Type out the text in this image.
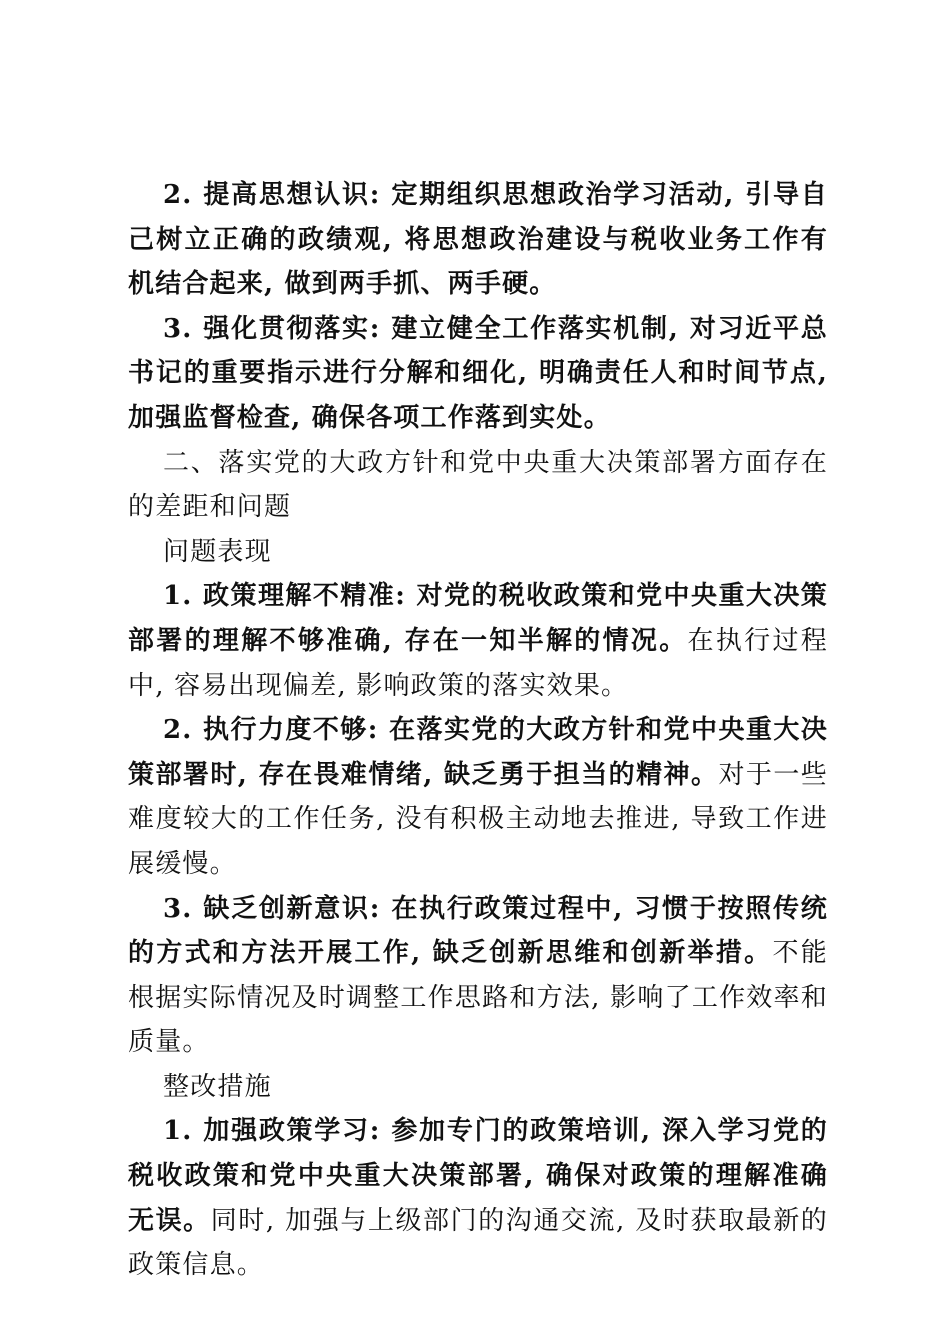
2. 提高思想认识: 定期组织思想政治学习活动, 引导自己树立正确的政绩观, 将思想政治建设与税收业务工作有机结合起来, 做到两手抓、两手硬。

3. 强化贯彻落实: 建立健全工作落实机制, 对习近平总书记的重要指示进行分解和细化, 明确责任人和时间节点, 加强监督检查, 确保各项工作落到实处。

二、落实党的大政方针和党中央重大决策部署方面存在的差距和问题

问题表现

1. 政策理解不精准: 对党的税收政策和党中央重大决策部署的理解不够准确, 存在一知半解的情况。在执行过程中, 容易出现偏差, 影响政策的落实效果。

2. 执行力度不够: 在落实党的大政方针和党中央重大决策部署时, 存在畏难情绪, 缺乏勇于担当的精神。对于一些难度较大的工作任务, 没有积极主动地去推进, 导致工作进展缓慢。

3. 缺乏创新意识: 在执行政策过程中, 习惯于按照传统的方式和方法开展工作, 缺乏创新思维和创新举措。不能根据实际情况及时调整工作思路和方法, 影响了工作效率和质量。

整改措施

1. 加强政策学习: 参加专门的政策培训, 深入学习党的税收政策和党中央重大决策部署, 确保对政策的理解准确无误。同时, 加强与上级部门的沟通交流, 及时获取最新的政策信息。
